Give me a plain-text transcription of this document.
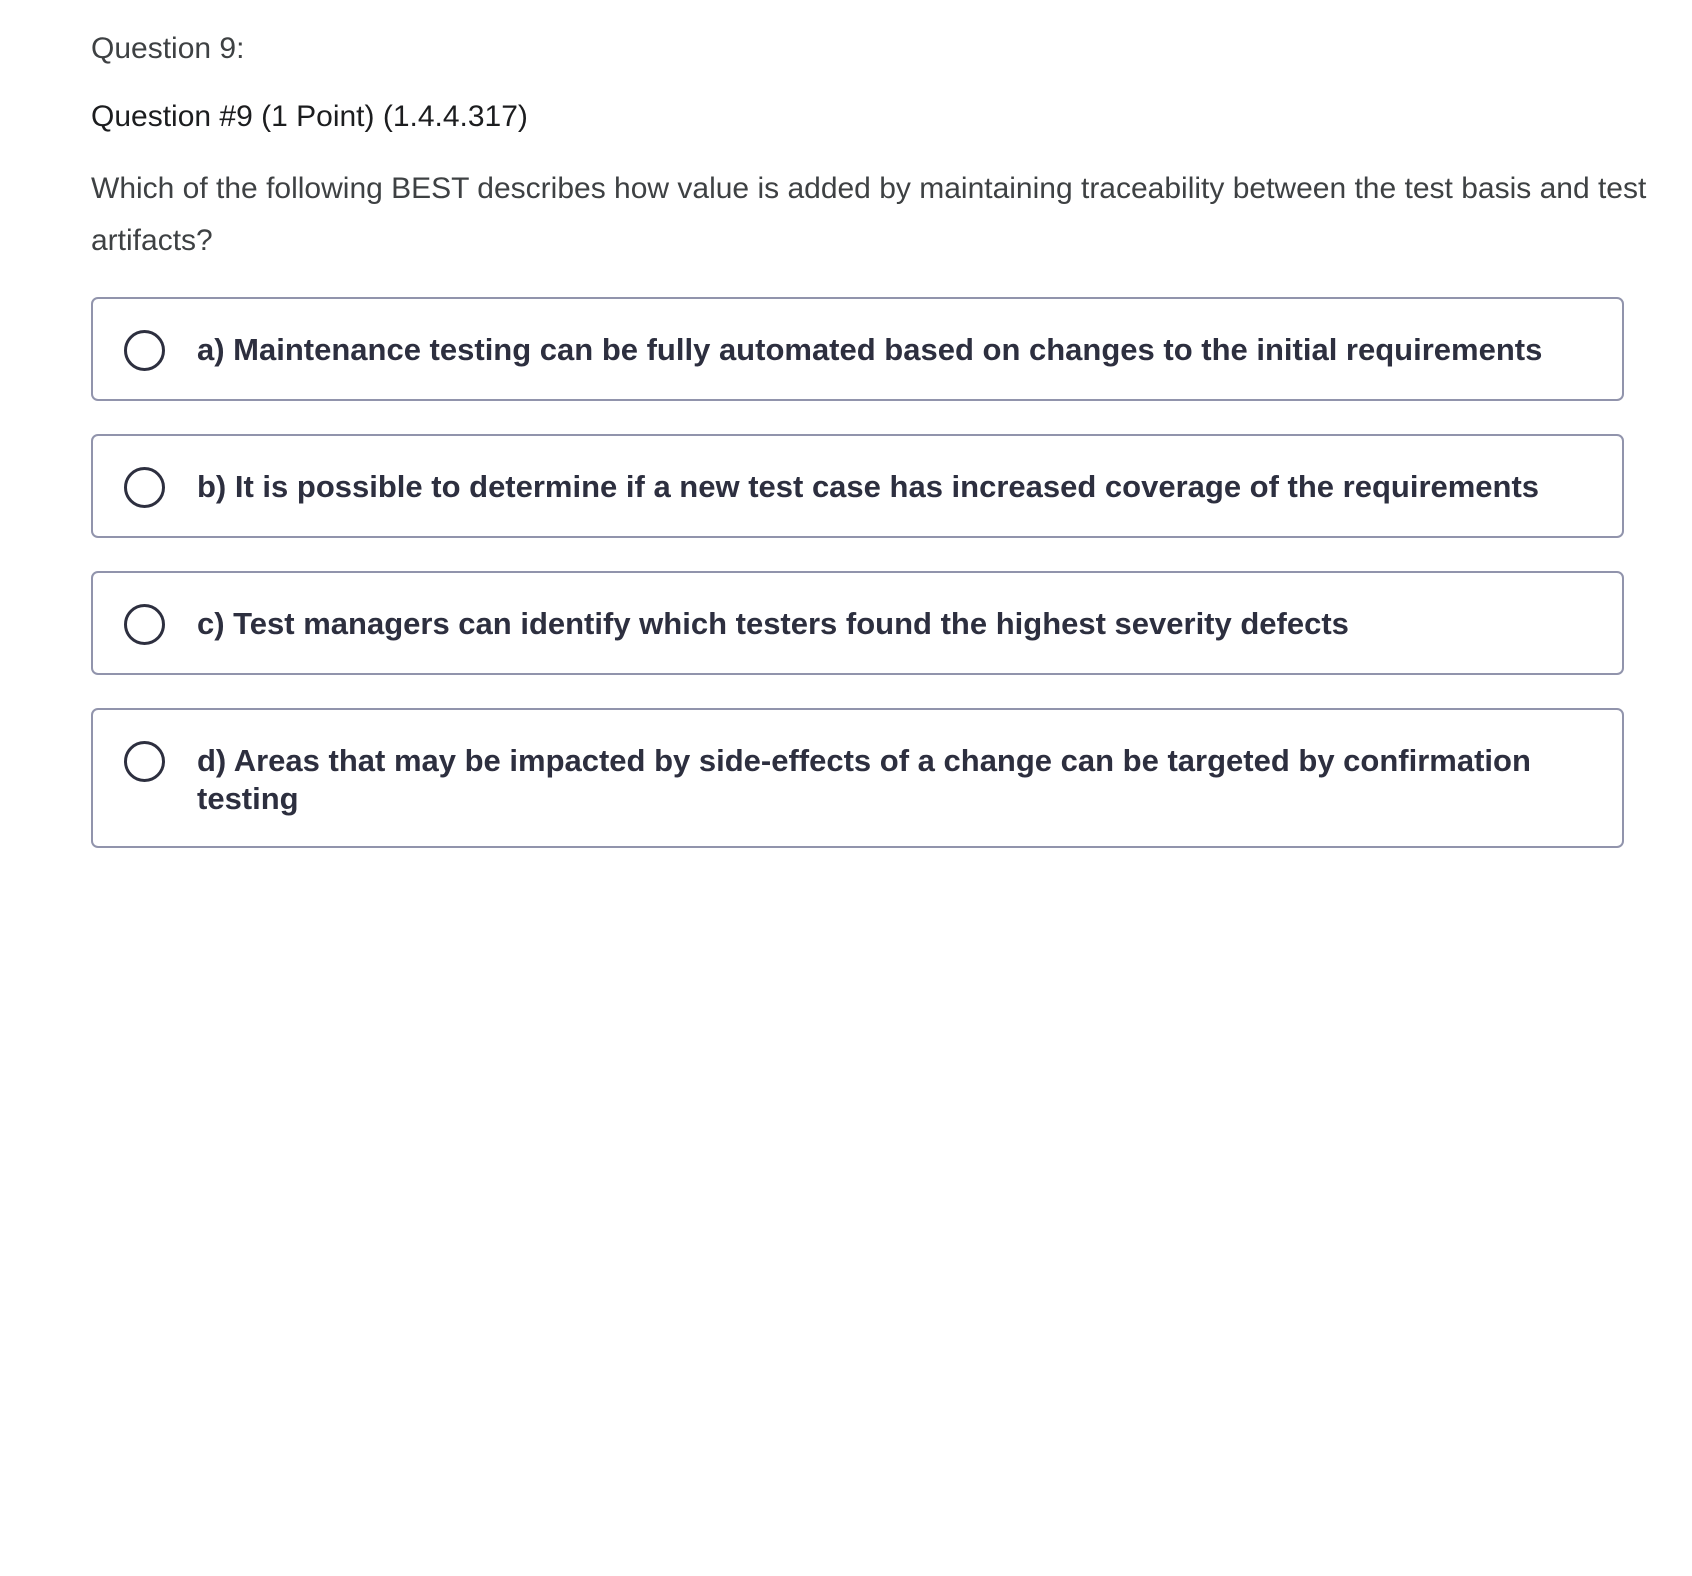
Question 9:
Question #9 (1 Point) (1.4.4.317)
Which of the following BEST describes how value is added by maintaining traceability between the test basis and test artifacts?
a) Maintenance testing can be fully automated based on changes to the initial requirements
b) It is possible to determine if a new test case has increased coverage of the requirements
c) Test managers can identify which testers found the highest severity defects
d) Areas that may be impacted by side-effects of a change can be targeted by confirmation testing
